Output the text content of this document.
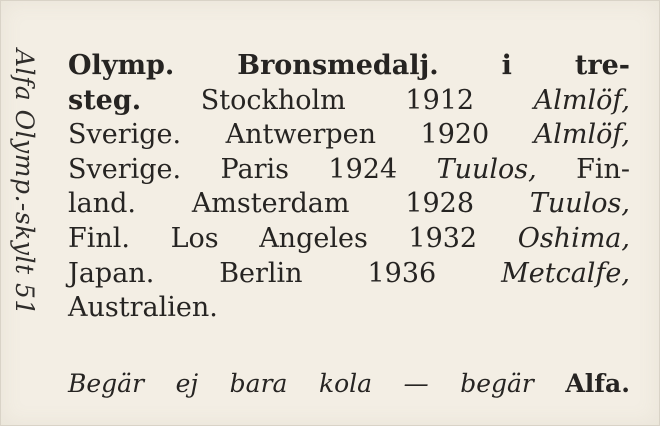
Alfa Olymp.-skylt 51 Olymp. Bronsmedalj. i tre-
steg. Stockholm 1912 Almlöf,
Sverige. Antwerpen 1920 Almlöf,
Sverige. Paris 1924 Tuulos, Fin-
land. Amsterdam 1928 Tuulos,
Finl. Los Angeles 1932 Oshima,
Japan. Berlin 1936 Metcalfe,
Australien.
Begär ej bara kola — begär Alfa.
